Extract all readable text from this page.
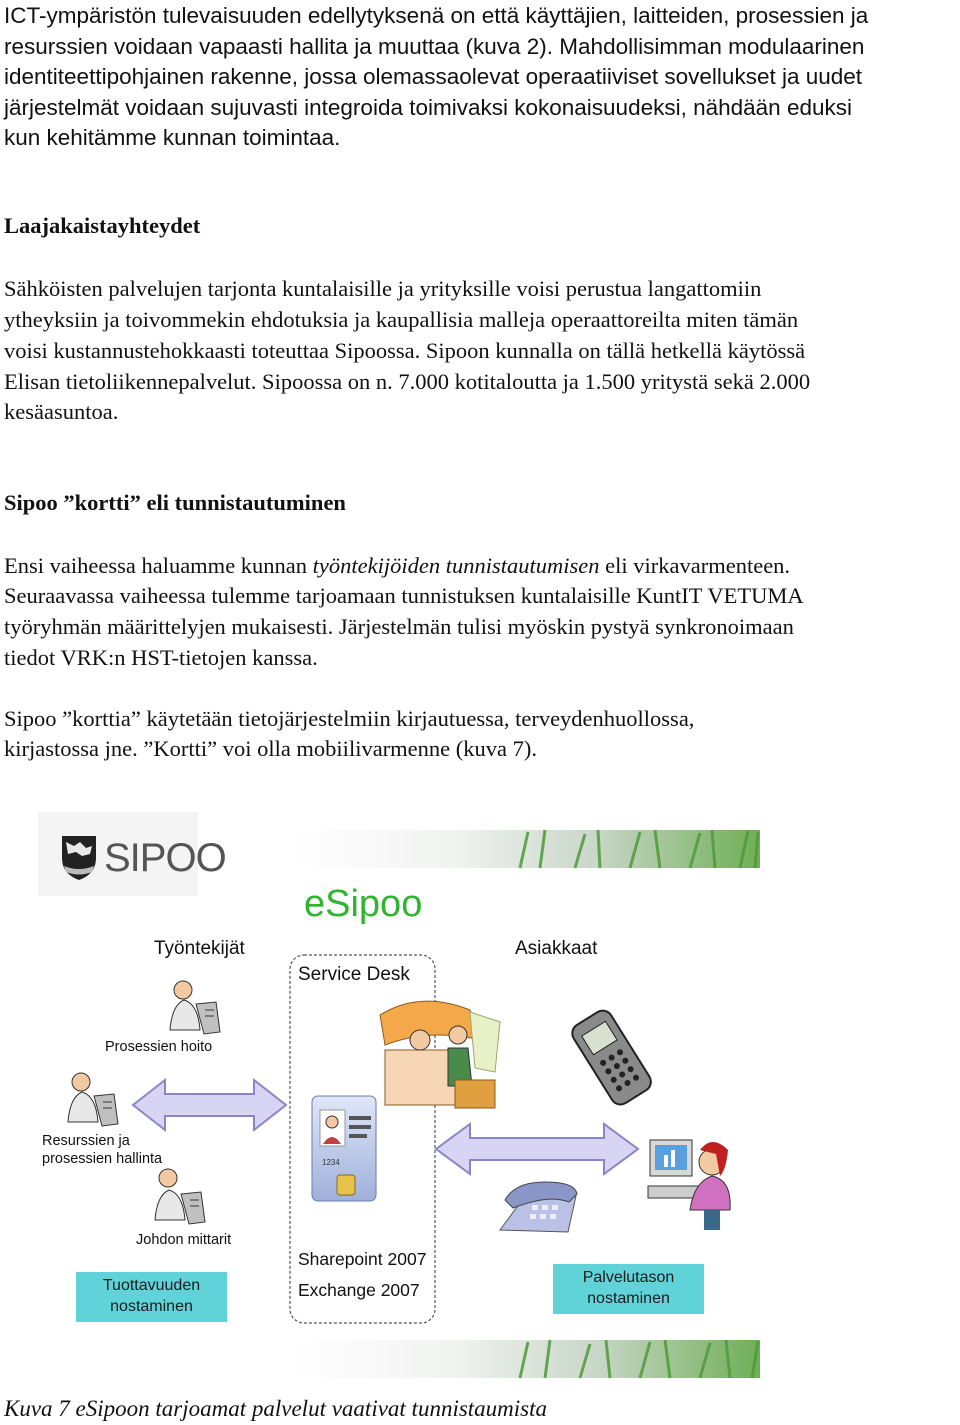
ICT-ympäristön tulevaisuuden edellytyksenä on että käyttäjien, laitteiden, prosessien ja

resurssien voidaan vapaasti hallita ja muuttaa (kuva 2). Mahdollisimman modulaarinen

identiteettipohjainen rakenne, jossa olemassaolevat operaatiiviset sovellukset ja uudet

järjestelmät voidaan sujuvasti integroida toimivaksi kokonaisuudeksi, nähdään eduksi

kun kehitämme kunnan toimintaa.

Laajakaistayhteydet

Sähköisten palvelujen tarjonta kuntalaisille ja yrityksille voisi perustua langattomiin

ytheyksiin ja toivommekin ehdotuksia ja kaupallisia malleja operaattoreilta miten tämän

voisi kustannustehokkaasti toteuttaa Sipoossa. Sipoon kunnalla on tällä hetkellä käytössä

Elisan tietoliikennepalvelut. Sipoossa on n. 7.000 kotitaloutta ja 1.500 yritystä sekä 2.000

kesäasuntoa.

Sipoo ”kortti” eli tunnistautuminen

Ensi vaiheessa haluamme kunnan työntekijöiden tunnistautumisen eli virkavarmenteen.

Seuraavassa vaiheessa tulemme tarjoamaan tunnistuksen kuntalaisille KuntIT VETUMA

työryhmän määrittelyjen mukaisesti. Järjestelmän tulisi myöskin pystyä synkronoimaan

tiedot VRK:n HST-tietojen kanssa.

Sipoo ”korttia” käytetään tietojärjestelmiin kirjautuessa, terveydenhuollossa,

kirjastossa jne. ”Kortti” voi olla mobiilivarmenne (kuva 7).

1234
SIPOO
eSipoo
Työntekijät	Asiakkaat
Service Desk
Prosessien hoito
Resurssien ja
prosessien hallinta
Johdon mittarit
Tuottavuuden
nostaminen
Palvelutason
nostaminen
Sharepoint 2007
Exchange 2007
Kuva 7 eSipoon tarjoamat palvelut vaativat tunnistaumista
